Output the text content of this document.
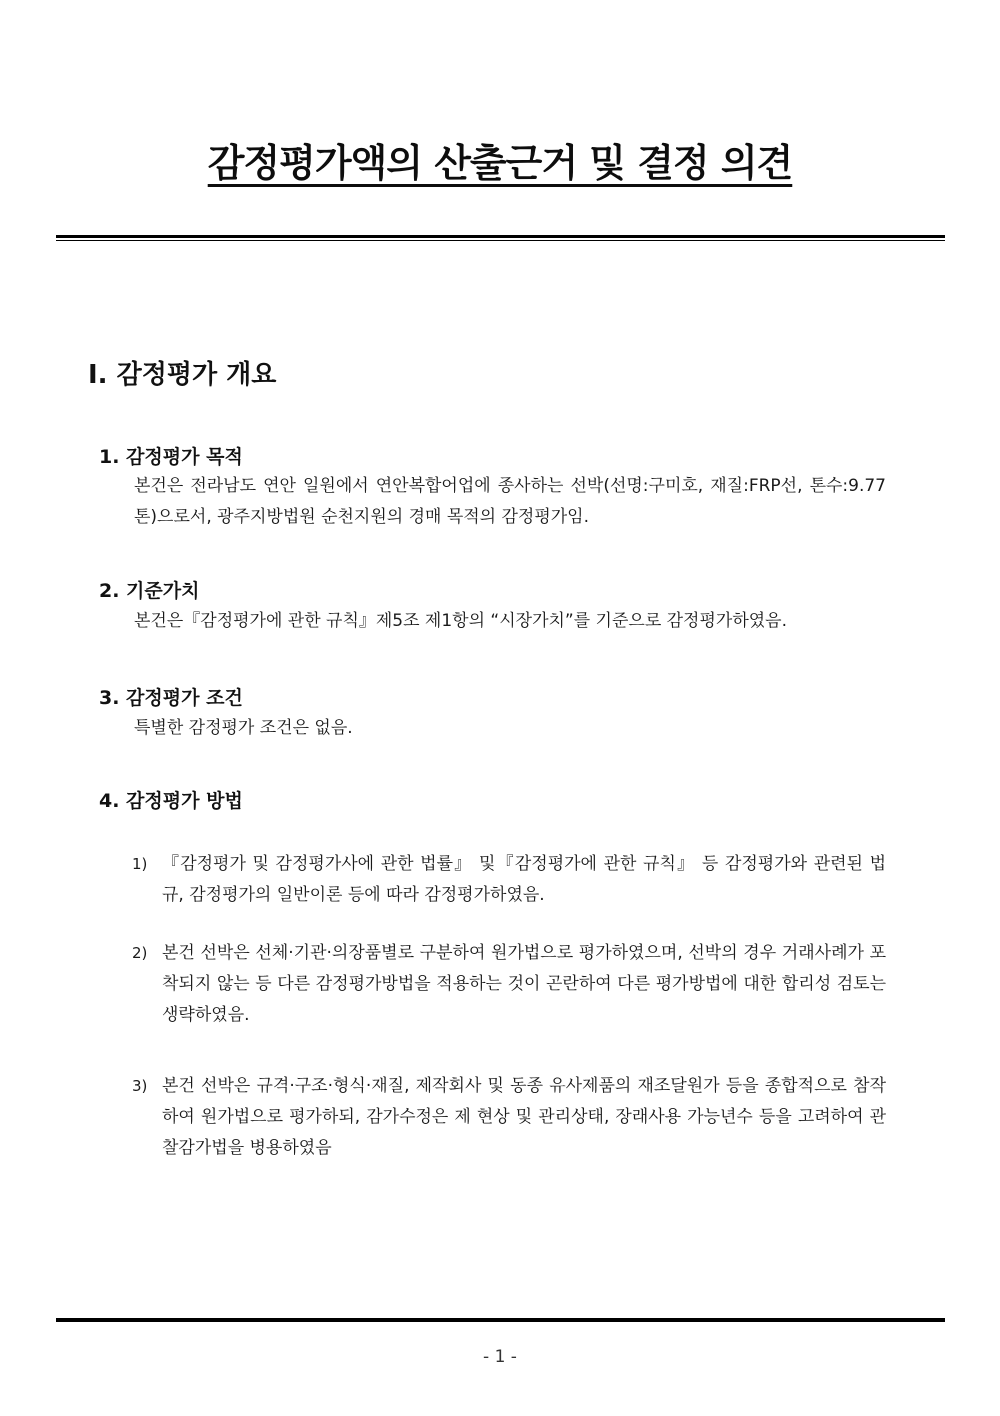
감정평가액의 산출근거 및 결정 의견
Ⅰ. 감정평가 개요
1. 감정평가 목적
본건은 전라남도 연안 일원에서 연안복합어업에 종사하는 선박(선명:구미호, 재질:FRP선, 톤수:9.77톤)으로서, 광주지방법원 순천지원의 경매 목적의 감정평가임.
2. 기준가치
본건은『감정평가에 관한 규칙』제5조 제1항의 “시장가치”를 기준으로 감정평가하였음.
3. 감정평가 조건
특별한 감정평가 조건은 없음.
4. 감정평가 방법
1) 『감정평가 및 감정평가사에 관한 법률』 및『감정평가에 관한 규칙』 등 감정평가와 관련된 법규, 감정평가의 일반이론 등에 따라 감정평가하였음.
2) 본건 선박은 선체·기관·의장품별로 구분하여 원가법으로 평가하였으며, 선박의 경우 거래사례가 포착되지 않는 등 다른 감정평가방법을 적용하는 것이 곤란하여 다른 평가방법에 대한 합리성 검토는 생략하였음.
3) 본건 선박은 규격·구조·형식·재질, 제작회사 및 동종 유사제품의 재조달원가 등을 종합적으로 참작하여 원가법으로 평가하되, 감가수정은 제 현상 및 관리상태, 장래사용 가능년수 등을 고려하여 관찰감가법을 병용하였음
- 1 -
